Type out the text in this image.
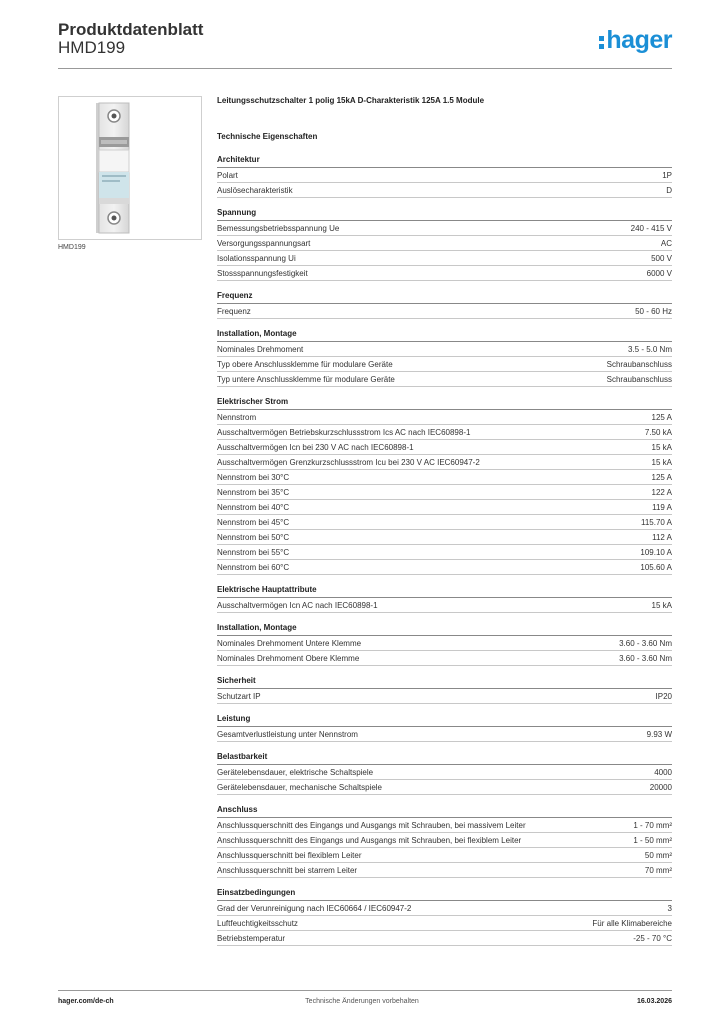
Produktdatenblatt
HMD199	hager
HMD199
Leitungsschutzschalter 1 polig 15kA D-Charakteristik 125A 1.5 Module
Technische Eigenschaften
Architektur
Polart	1P
Auslösecharakteristik	D
Spannung
Bemessungsbetriebsspannung Ue	240 - 415 V
Versorgungsspannungsart	AC
Isolationsspannung Ui	500 V
Stossspannungsfestigkeit	6000 V
Frequenz
Frequenz	50 - 60 Hz
Installation, Montage
Nominales Drehmoment	3.5 - 5.0 Nm
Typ obere Anschlussklemme für modulare Geräte	Schraubanschluss
Typ untere Anschlussklemme für modulare Geräte	Schraubanschluss
Elektrischer Strom
Nennstrom	125 A
Ausschaltvermögen Betriebskurzschlussstrom Ics AC nach IEC60898-1	7.50 kA
Ausschaltvermögen Icn bei 230 V AC nach IEC60898-1	15 kA
Ausschaltvermögen Grenzkurzschlussstrom Icu bei 230 V AC IEC60947-2	15 kA
Nennstrom bei 30°C	125 A
Nennstrom bei 35°C	122 A
Nennstrom bei 40°C	119 A
Nennstrom bei 45°C	115.70 A
Nennstrom bei 50°C	112 A
Nennstrom bei 55°C	109.10 A
Nennstrom bei 60°C	105.60 A
Elektrische Hauptattribute
Ausschaltvermögen Icn AC nach IEC60898-1	15 kA
Installation, Montage
Nominales Drehmoment Untere Klemme	3.60 - 3.60 Nm
Nominales Drehmoment Obere Klemme	3.60 - 3.60 Nm
Sicherheit
Schutzart IP	IP20
Leistung
Gesamtverlustleistung unter Nennstrom	9.93 W
Belastbarkeit
Gerätelebensdauer, elektrische Schaltspiele	4000
Gerätelebensdauer, mechanische Schaltspiele	20000
Anschluss
Anschlussquerschnitt des Eingangs und Ausgangs mit Schrauben, bei massivem Leiter	1 - 70 mm²
Anschlussquerschnitt des Eingangs und Ausgangs mit Schrauben, bei flexiblem Leiter	1 - 50 mm²
Anschlussquerschnitt bei flexiblem Leiter	50 mm²
Anschlussquerschnitt bei starrem Leiter	70 mm²
Einsatzbedingungen
Grad der Verunreinigung nach IEC60664 / IEC60947-2	3
Luftfeuchtigkeitsschutz	Für alle Klimabereiche
Betriebstemperatur	-25 - 70 °C
hager.com/de-ch	Technische Änderungen vorbehalten	16.03.2026
